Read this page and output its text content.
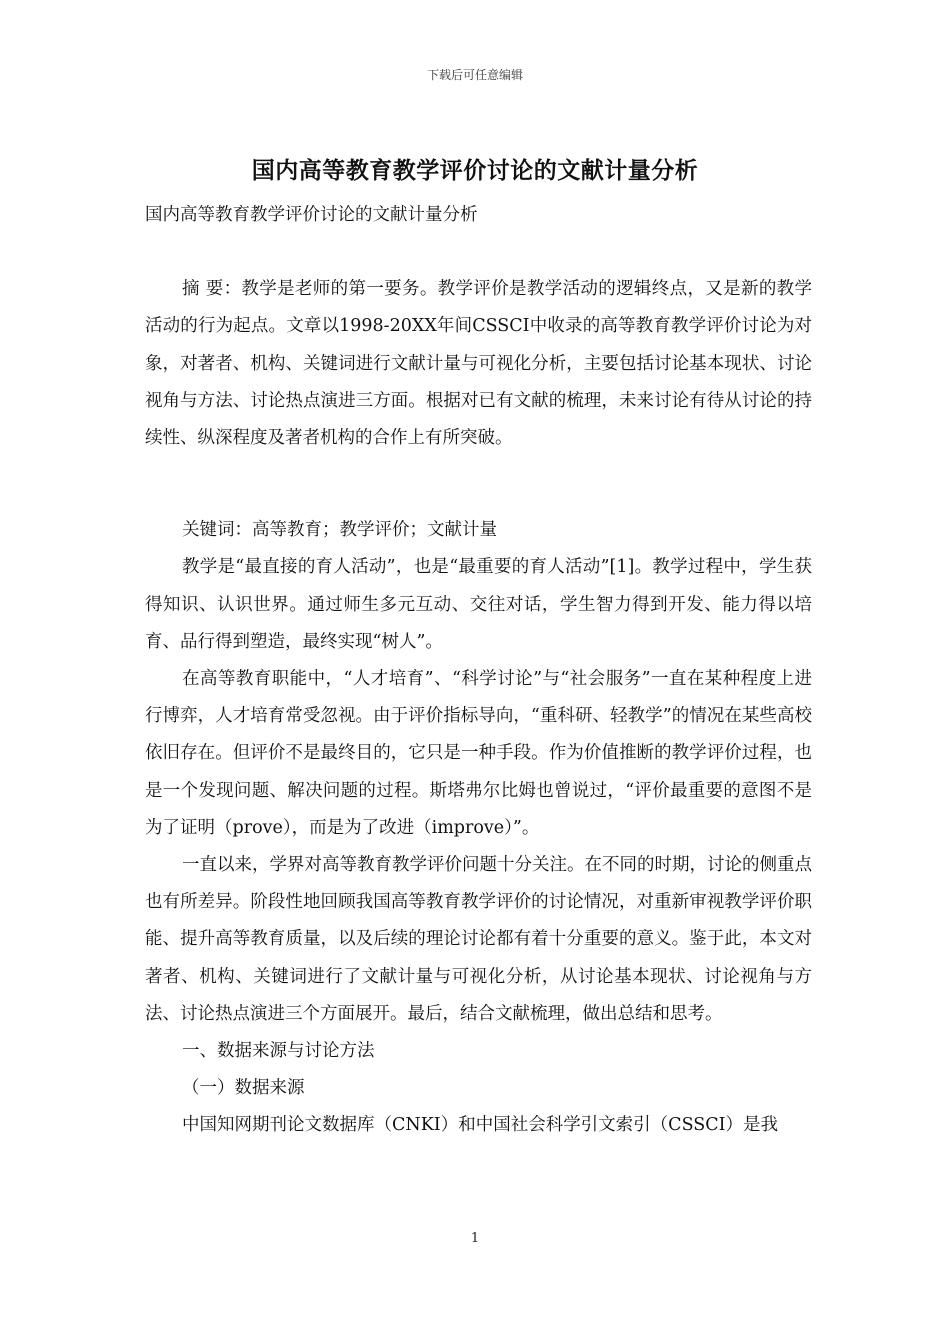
下载后可任意编辑
国内高等教育教学评价讨论的文献计量分析

国内高等教育教学评价讨论的文献计量分析

摘 要：教学是老师的第一要务。教学评价是教学活动的逻辑终点，又是新的教学活动的行为起点。文章以1998-20XX年间CSSCI中收录的高等教育教学评价讨论为对象，对著者、机构、关键词进行文献计量与可视化分析，主要包括讨论基本现状、讨论视角与方法、讨论热点演进三方面。根据对已有文献的梳理，未来讨论有待从讨论的持续性、纵深程度及著者机构的合作上有所突破。

关键词：高等教育；教学评价；文献计量

教学是“最直接的育人活动”，也是“最重要的育人活动”[1]。教学过程中，学生获得知识、认识世界。通过师生多元互动、交往对话，学生智力得到开发、能力得以培育、品行得到塑造，最终实现“树人”。

在高等教育职能中，“人才培育”、“科学讨论”与“社会服务”一直在某种程度上进行博弈，人才培育常受忽视。由于评价指标导向，“重科研、轻教学”的情况在某些高校依旧存在。但评价不是最终目的，它只是一种手段。作为价值推断的教学评价过程，也是一个发现问题、解决问题的过程。斯塔弗尔比姆也曾说过，“评价最重要的意图不是为了证明（prove），而是为了改进（improve）”。

一直以来，学界对高等教育教学评价问题十分关注。在不同的时期，讨论的侧重点也有所差异。阶段性地回顾我国高等教育教学评价的讨论情况，对重新审视教学评价职能、提升高等教育质量，以及后续的理论讨论都有着十分重要的意义。鉴于此，本文对著者、机构、关键词进行了文献计量与可视化分析，从讨论基本现状、讨论视角与方法、讨论热点演进三个方面展开。最后，结合文献梳理，做出总结和思考。

一、数据来源与讨论方法

（一）数据来源

中国知网期刊论文数据库（CNKI）和中国社会科学引文索引（CSSCI）是我

1
